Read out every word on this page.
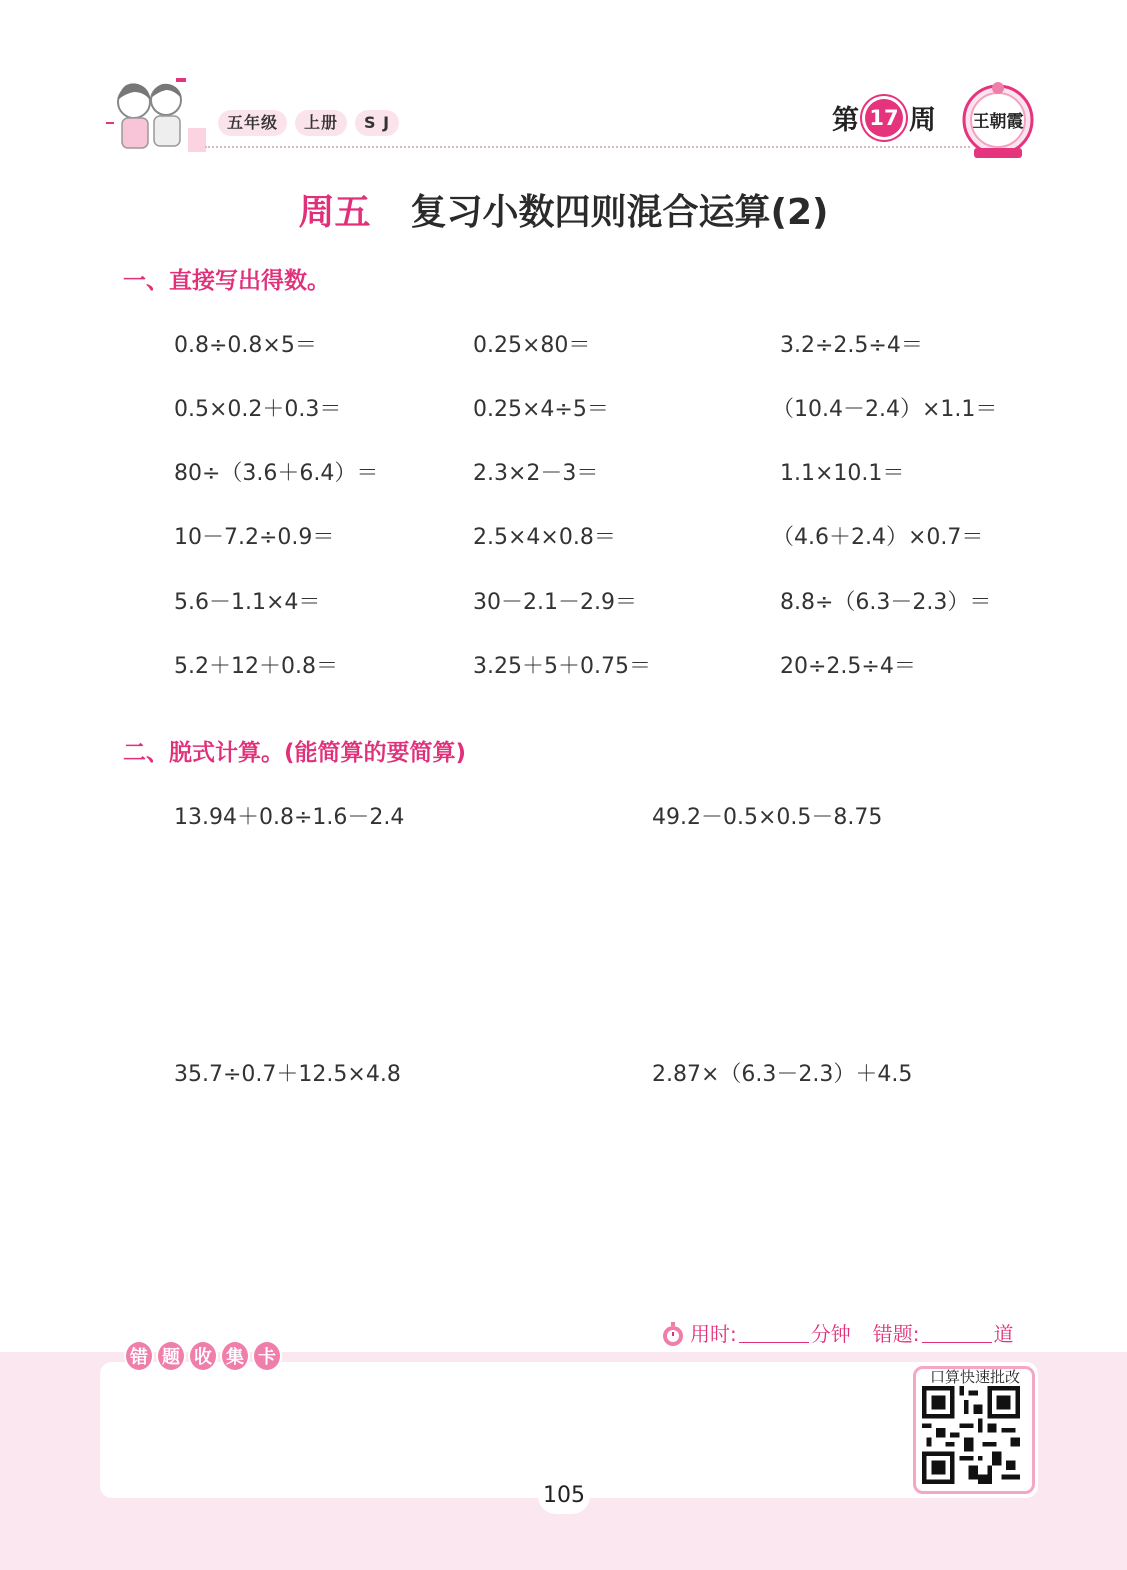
五年级	上册	S J	第 17 周 王朝霞
周五 复习小数四则混合运算(2)
一、直接写出得数。
0.8÷0.8×5＝	0.25×80＝	3.2÷2.5÷4＝
0.5×0.2＋0.3＝	0.25×4÷5＝	（10.4－2.4）×1.1＝
80÷（3.6＋6.4）＝	2.3×2－3＝	1.1×10.1＝
10－7.2÷0.9＝	2.5×4×0.8＝	（4.6＋2.4）×0.7＝
5.6－1.1×4＝	30－2.1－2.9＝	8.8÷（6.3－2.3）＝
5.2＋12＋0.8＝	3.25＋5＋0.75＝	20÷2.5÷4＝
二、脱式计算。(能简算的要简算)
13.94＋0.8÷1.6－2.4	49.2－0.5×0.5－8.75
35.7÷0.7＋12.5×4.8	2.87×（6.3－2.3）＋4.5
用时:	分钟 错题:	道
错 题 收 集 卡
口算快速批改
105
